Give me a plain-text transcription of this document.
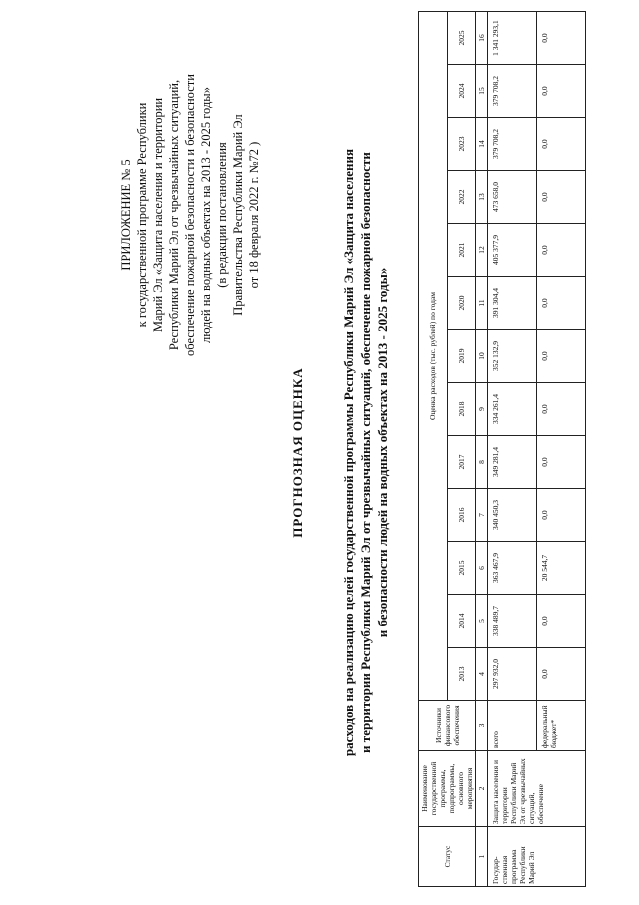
ПРИЛОЖЕНИЕ № 5 к государственной программе Республики Марий Эл «Защита населения и территории Республики Марий Эл от чрезвычайных ситуаций, обеспечение пожарной безопасности и безопасности людей на водных объектах на 2013 - 2025 годы» (в редакции постановления Правительства Республики Марий Эл от 18 февраля 2022 г. №72 )
ПРОГНОЗНАЯ ОЦЕНКА	расходов на реализацию целей государственной программы Республики Марий Эл «Защита населения и территории Республики Марий Эл от чрезвычайных ситуаций, обеспечение пожарной безопасности и безопасности людей на водных объектах на 2013 - 2025 годы»
Статус	Наименование государственной программы, подпрограммы, основного мероприятия	Источники финансового обеспечения	Оценка расходов (тыс. рублей) по годам												
			2013	2014	2015	2016	2017	2018	2019	2020	2021	2022	2023	2024	2025
1	2	3	4	5	6	7	8	9	10	11	12	13	14	15	16
Государ-ственная программа Республики Марий Эл	Защита населения и территории Республики Марий Эл от чрезвычайных ситуаций, обеспечение	всего	297 932,0	338 489,7	363 467,9	340 450,3	349 281,4	334 261,4	352 132,9	391 304,4	405 377,9	473 658,0	379 708,2	379 708,2	1 341 293,1
		федеральный бюджет*	0,0	0,0	20 544,7	0,0	0,0	0,0	0,0	0,0	0,0	0,0	0,0	0,0	0,0
